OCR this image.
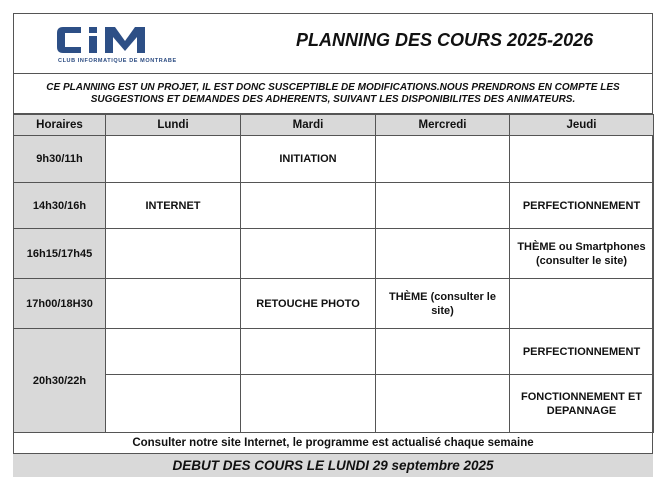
CLUB INFORMATIQUE DE MONTRABE
PLANNING DES COURS 2025-2026
CE PLANNING EST UN PROJET, IL EST DONC SUSCEPTIBLE DE MODIFICATIONS.NOUS PRENDRONS EN COMPTE LES SUGGESTIONS ET DEMANDES DES ADHERENTS, SUIVANT LES DISPONIBILITES DES ANIMATEURS.
Horaires	Lundi	Mardi	Mercredi	Jeudi
9h30/11h		INITIATION		
14h30/16h	INTERNET			PERFECTIONNEMENT
16h15/17h45				THÈME ou Smartphones (consulter le site)
17h00/18H30		RETOUCHE PHOTO	THÈME (consulter le site)	
20h30/22h				PERFECTIONNEMENT
				FONCTIONNEMENT ET DEPANNAGE
Consulter notre site Internet, le programme est actualisé chaque semaine
DEBUT DES COURS LE LUNDI 29 septembre 2025
